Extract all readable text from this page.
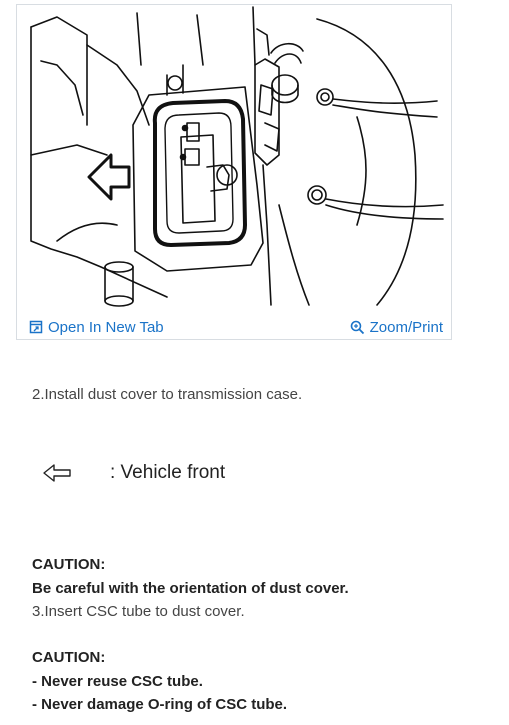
Open In New Tab	Zoom/Print
2.Install dust cover to transmission case.
: Vehicle front
CAUTION:
Be careful with the orientation of dust cover.
3.Insert CSC tube to dust cover.
CAUTION:
- Never reuse CSC tube.
- Never damage O-ring of CSC tube.
